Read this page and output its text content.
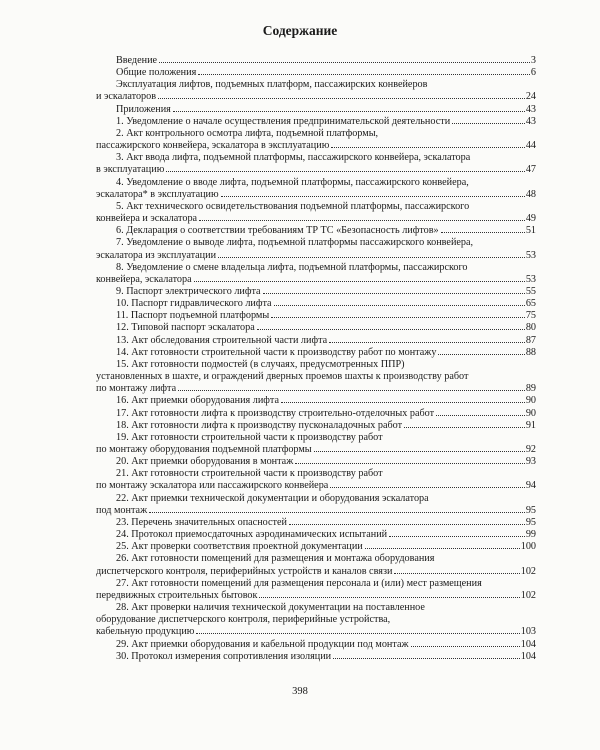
Содержание
Введение	3
Общие положения	6
Эксплуатация лифтов, подъемных платформ, пассажирских конвейеров
и эскалаторов	24
Приложения	43
1. Уведомление о начале осуществления предпринимательской деятельности	43
2. Акт контрольного осмотра лифта, подъемной платформы,
пассажирского конвейера, эскалатора в эксплуатацию	44
3. Акт ввода лифта, подъемной платформы, пассажирского конвейера, эскалатора
в эксплуатацию	47
4. Уведомление о вводе лифта, подъемной платформы, пассажирского конвейера,
эскалатора* в эксплуатацию	48
5. Акт технического освидетельствования подъемной платформы, пассажирского
конвейера и эскалатора	49
6. Декларация о соответствии требованиям ТР ТС «Безопасность лифтов»	51
7. Уведомление о выводе лифта, подъемной платформы пассажирского конвейера,
эскалатора из эксплуатации	53
8. Уведомление о смене владельца лифта, подъемной платформы, пассажирского
конвейера, эскалатора	53
9. Паспорт электрического лифта	55
10. Паспорт гидравлического лифта	65
11. Паспорт подъемной платформы	75
12. Типовой паспорт эскалатора	80
13. Акт обследования строительной части лифта	87
14. Акт готовности строительной части к производству работ по монтажу	88
15. Акт готовности подмостей (в случаях, предусмотренных ППР)
установленных в шахте, и ограждений дверных проемов шахты к производству работ
по монтажу лифта	89
16. Акт приемки оборудования лифта	90
17. Акт готовности лифта к производству строительно-отделочных работ	90
18. Акт готовности лифта к производству пусконаладочных работ	91
19. Акт готовности строительной части к производству работ
по монтажу оборудования подъемной платформы	92
20. Акт приемки оборудования в монтаж	93
21. Акт готовности строительной части к производству работ
по монтажу эскалатора или пассажирского конвейера	94
22. Акт приемки технической документации и оборудования эскалатора
под монтаж	95
23. Перечень значительных опасностей	95
24. Протокол приемосдаточных аэродинамических испытаний	99
25. Акт проверки соответствия проектной документации	100
26. Акт готовности помещений для размещения и монтажа оборудования
диспетчерского контроля, периферийных устройств и каналов связи	102
27. Акт готовности помещений для размещения персонала и (или) мест размещения
передвижных строительных бытовок	102
28. Акт проверки наличия технической документации на поставленное
оборудование диспетчерского контроля, периферийные устройства,
кабельную продукцию	103
29. Акт приемки оборудования и кабельной продукции под монтаж	104
30. Протокол измерения сопротивления изоляции	104
398
